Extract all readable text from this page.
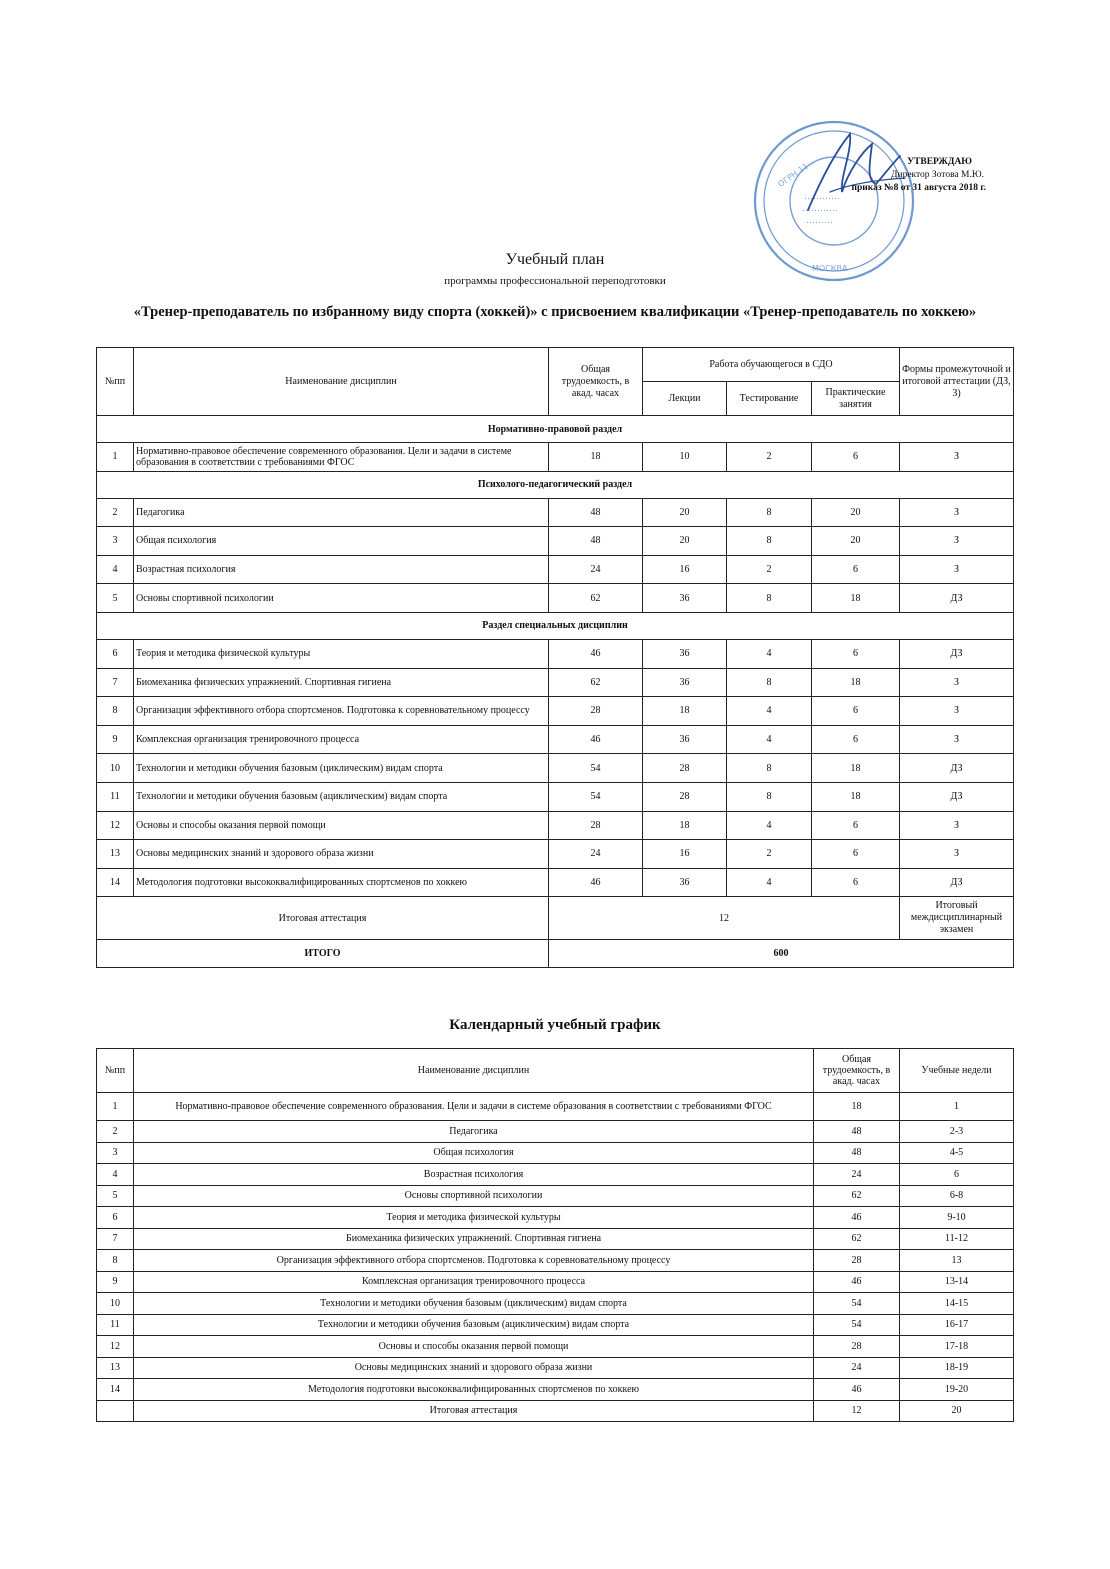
ОГРН 11…
МОСКВА
…………
…………
………
УТВЕРЖДАЮ
Директор Зотова М.Ю.
приказ №8 от 31 августа 2018 г.
Учебный план
программы профессиональной переподготовки
«Тренер-преподаватель по избранному виду спорта (хоккей)» с присвоением квалификации «Тренер-преподаватель по хоккею»
№пп	Наименование дисциплин	Общая трудоемкость, в акад. часах	Работа обучающегося в СДО			Формы промежуточной и итоговой аттестации (ДЗ, З)
			Лекции	Тестирование	Практические занятия	
Нормативно-правовой раздел						
1	Нормативно-правовое обеспечение современного образования. Цели и задачи в системе образования в соответствии с требованиями ФГОС	18	10	2	6	З
Психолого-педагогический раздел						
2	Педагогика	48	20	8	20	З
3	Общая психология	48	20	8	20	З
4	Возрастная психология	24	16	2	6	З
5	Основы спортивной психологии	62	36	8	18	ДЗ
Раздел специальных дисциплин						
6	Теория и методика физической культуры	46	36	4	6	ДЗ
7	Биомеханика физических упражнений. Спортивная гигиена	62	36	8	18	З
8	Организация эффективного отбора спортсменов. Подготовка к соревновательному процессу	28	18	4	6	З
9	Комплексная организация тренировочного процесса	46	36	4	6	З
10	Технологии и методики обучения базовым (циклическим) видам спорта	54	28	8	18	ДЗ
11	Технологии и методики обучения базовым (ациклическим) видам спорта	54	28	8	18	ДЗ
12	Основы и способы оказания первой помощи	28	18	4	6	З
13	Основы медицинских знаний и здорового образа жизни	24	16	2	6	З
14	Методология подготовки высококвалифицированных спортсменов по хоккею	46	36	4	6	ДЗ
Итоговая аттестация		12				Итоговый междисциплинарный экзамен
ИТОГО		600				
Календарный учебный график
№пп	Наименование дисциплин	Общая трудоемкость, в акад. часах	Учебные недели
1	Нормативно-правовое обеспечение современного образования. Цели и задачи в системе образования в соответствии с требованиями ФГОС	18	1
2	Педагогика	48	2-3
3	Общая психология	48	4-5
4	Возрастная психология	24	6
5	Основы спортивной психологии	62	6-8
6	Теория и методика физической культуры	46	9-10
7	Биомеханика физических упражнений. Спортивная гигиена	62	11-12
8	Организация эффективного отбора спортсменов. Подготовка к соревновательному процессу	28	13
9	Комплексная организация тренировочного процесса	46	13-14
10	Технологии и методики обучения базовым (циклическим) видам спорта	54	14-15
11	Технологии и методики обучения базовым (ациклическим) видам спорта	54	16-17
12	Основы и способы оказания первой помощи	28	17-18
13	Основы медицинских знаний и здорового образа жизни	24	18-19
14	Методология подготовки высококвалифицированных спортсменов по хоккею	46	19-20
	Итоговая аттестация	12	20
